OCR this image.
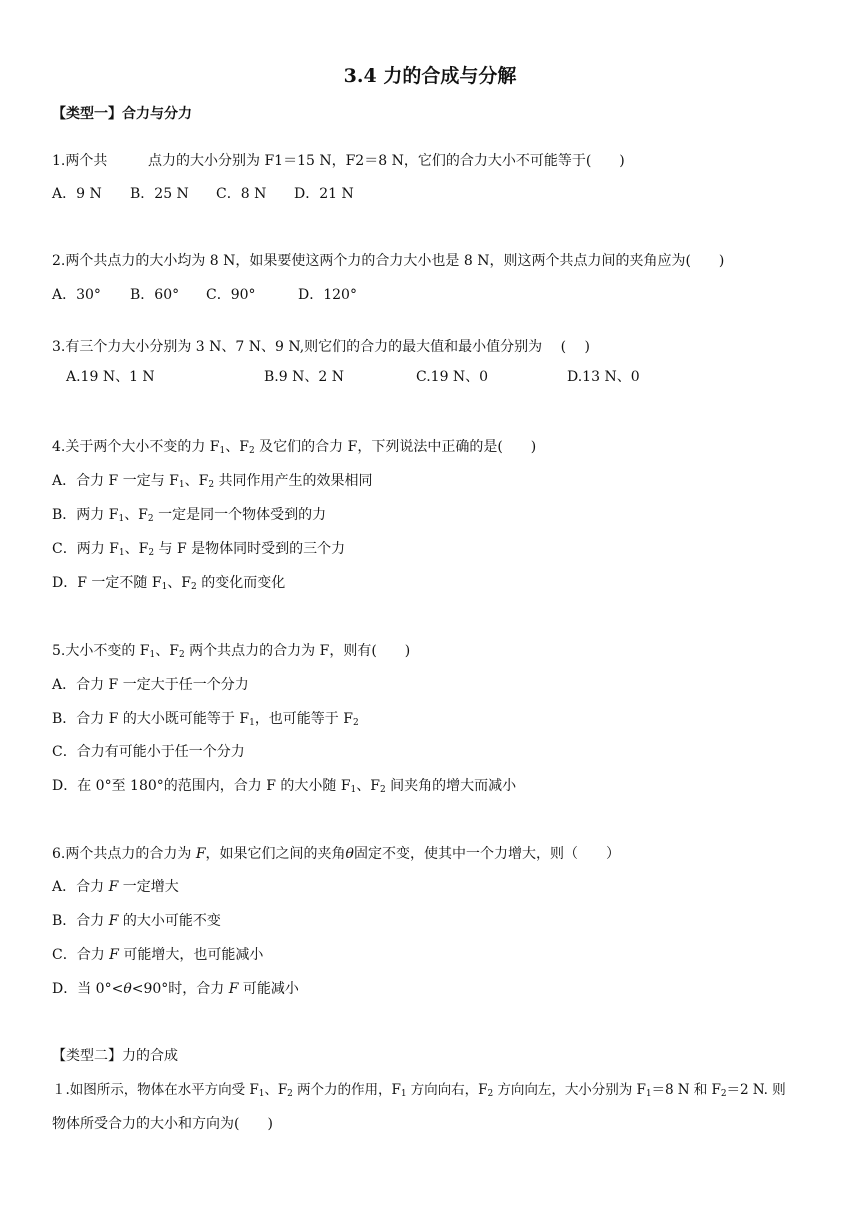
3.4 力的合成与分解
【类型一】合力与分力
1.两个共	点力的大小分别为 F1＝15 N，F2＝8 N，它们的合力大小不可能等于(　　)
A．9 N B．25 N C．8 N D．21 N
2.两个共点力的大小均为 8 N，如果要使这两个力的合力大小也是 8 N，则这两个共点力间的夹角应为(　　)
A．30° B．60° C．90°	D．120°
3.有三个力大小分别为 3 N、7 N、9 N,则它们的合力的最大值和最小值分别为　 (　 )
A.19 N、1 N	B.9 N、2 N	C.19 N、0	D.13 N、0
4.关于两个大小不变的力 $F_1$、$F_2$ 及它们的合力 F，下列说法中正确的是(　　)
A．合力 F 一定与 $F_1$、$F_2$ 共同作用产生的效果相同
B．两力 $F_1$、$F_2$ 一定是同一个物体受到的力
C．两力 $F_1$、$F_2$ 与 F 是物体同时受到的三个力
D．F 一定不随 $F_1$、$F_2$ 的变化而变化
5.大小不变的 $F_1$、$F_2$ 两个共点力的合力为 F，则有(　　)
A．合力 F 一定大于任一个分力
B．合力 F 的大小既可能等于 $F_1$，也可能等于 $F_2$
C．合力有可能小于任一个分力
D．在 0°至 180°的范围内，合力 F 的大小随 $F_1$、$F_2$ 间夹角的增大而减小
6.两个共点力的合力为 F，如果它们之间的夹角θ固定不变，使其中一个力增大，则（　　）
A．合力 F 一定增大
B．合力 F 的大小可能不变
C．合力 F 可能增大，也可能减小
D．当 0°<θ<90°时，合力 F 可能减小
【类型二】力的合成
１.如图所示，物体在水平方向受 $F_1$、$F_2$ 两个力的作用，$F_1$ 方向向右，$F_2$ 方向向左，大小分别为 $F_1=8$ N 和 $F_2=2$ N. 则
物体所受合力的大小和方向为(　　)
